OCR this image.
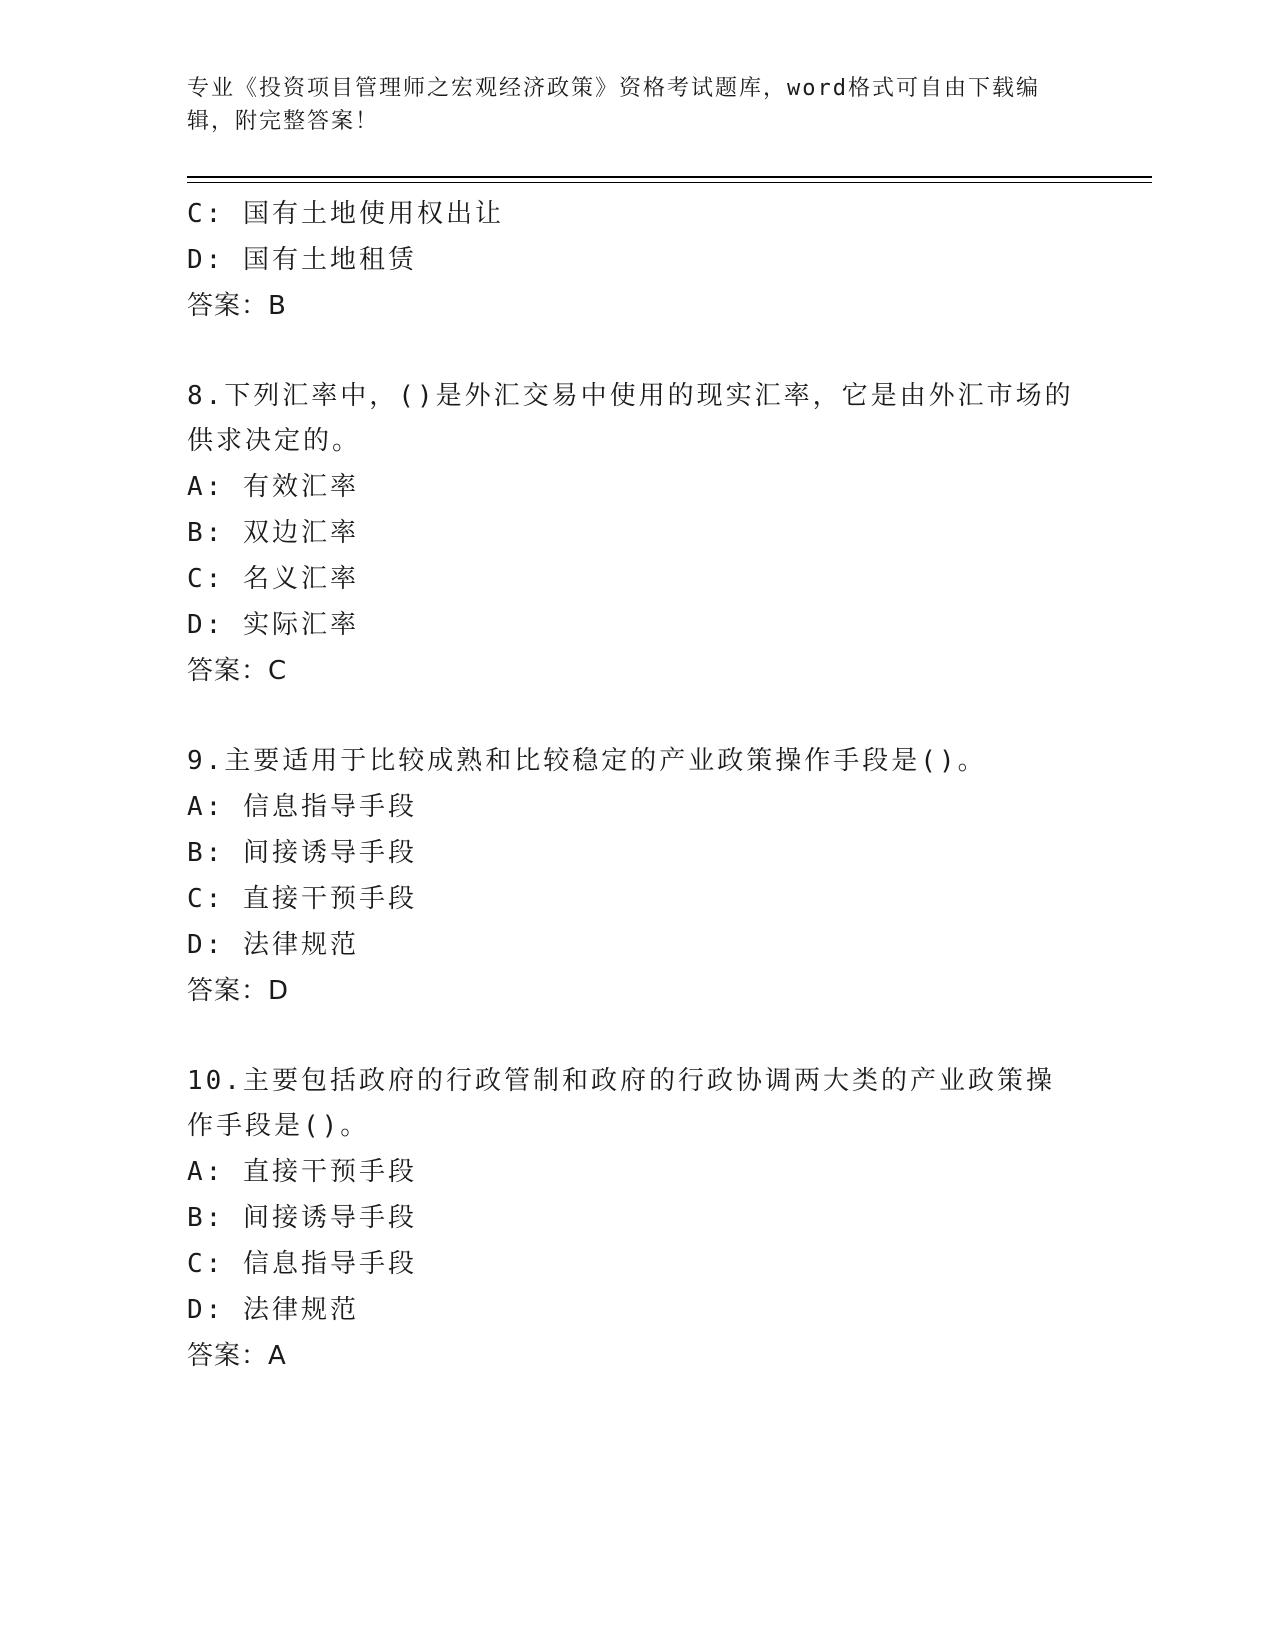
专业《投资项目管理师之宏观经济政策》资格考试题库，word格式可自由下载编辑，附完整答案！
C: 国有土地使用权出让
D: 国有土地租赁
答案：B
8.下列汇率中，()是外汇交易中使用的现实汇率，它是由外汇市场的供求决定的。
A: 有效汇率
B: 双边汇率
C: 名义汇率
D: 实际汇率
答案：C
9.主要适用于比较成熟和比较稳定的产业政策操作手段是()。
A: 信息指导手段
B: 间接诱导手段
C: 直接干预手段
D: 法律规范
答案：D
10.主要包括政府的行政管制和政府的行政协调两大类的产业政策操作手段是()。
A: 直接干预手段
B: 间接诱导手段
C: 信息指导手段
D: 法律规范
答案：A
